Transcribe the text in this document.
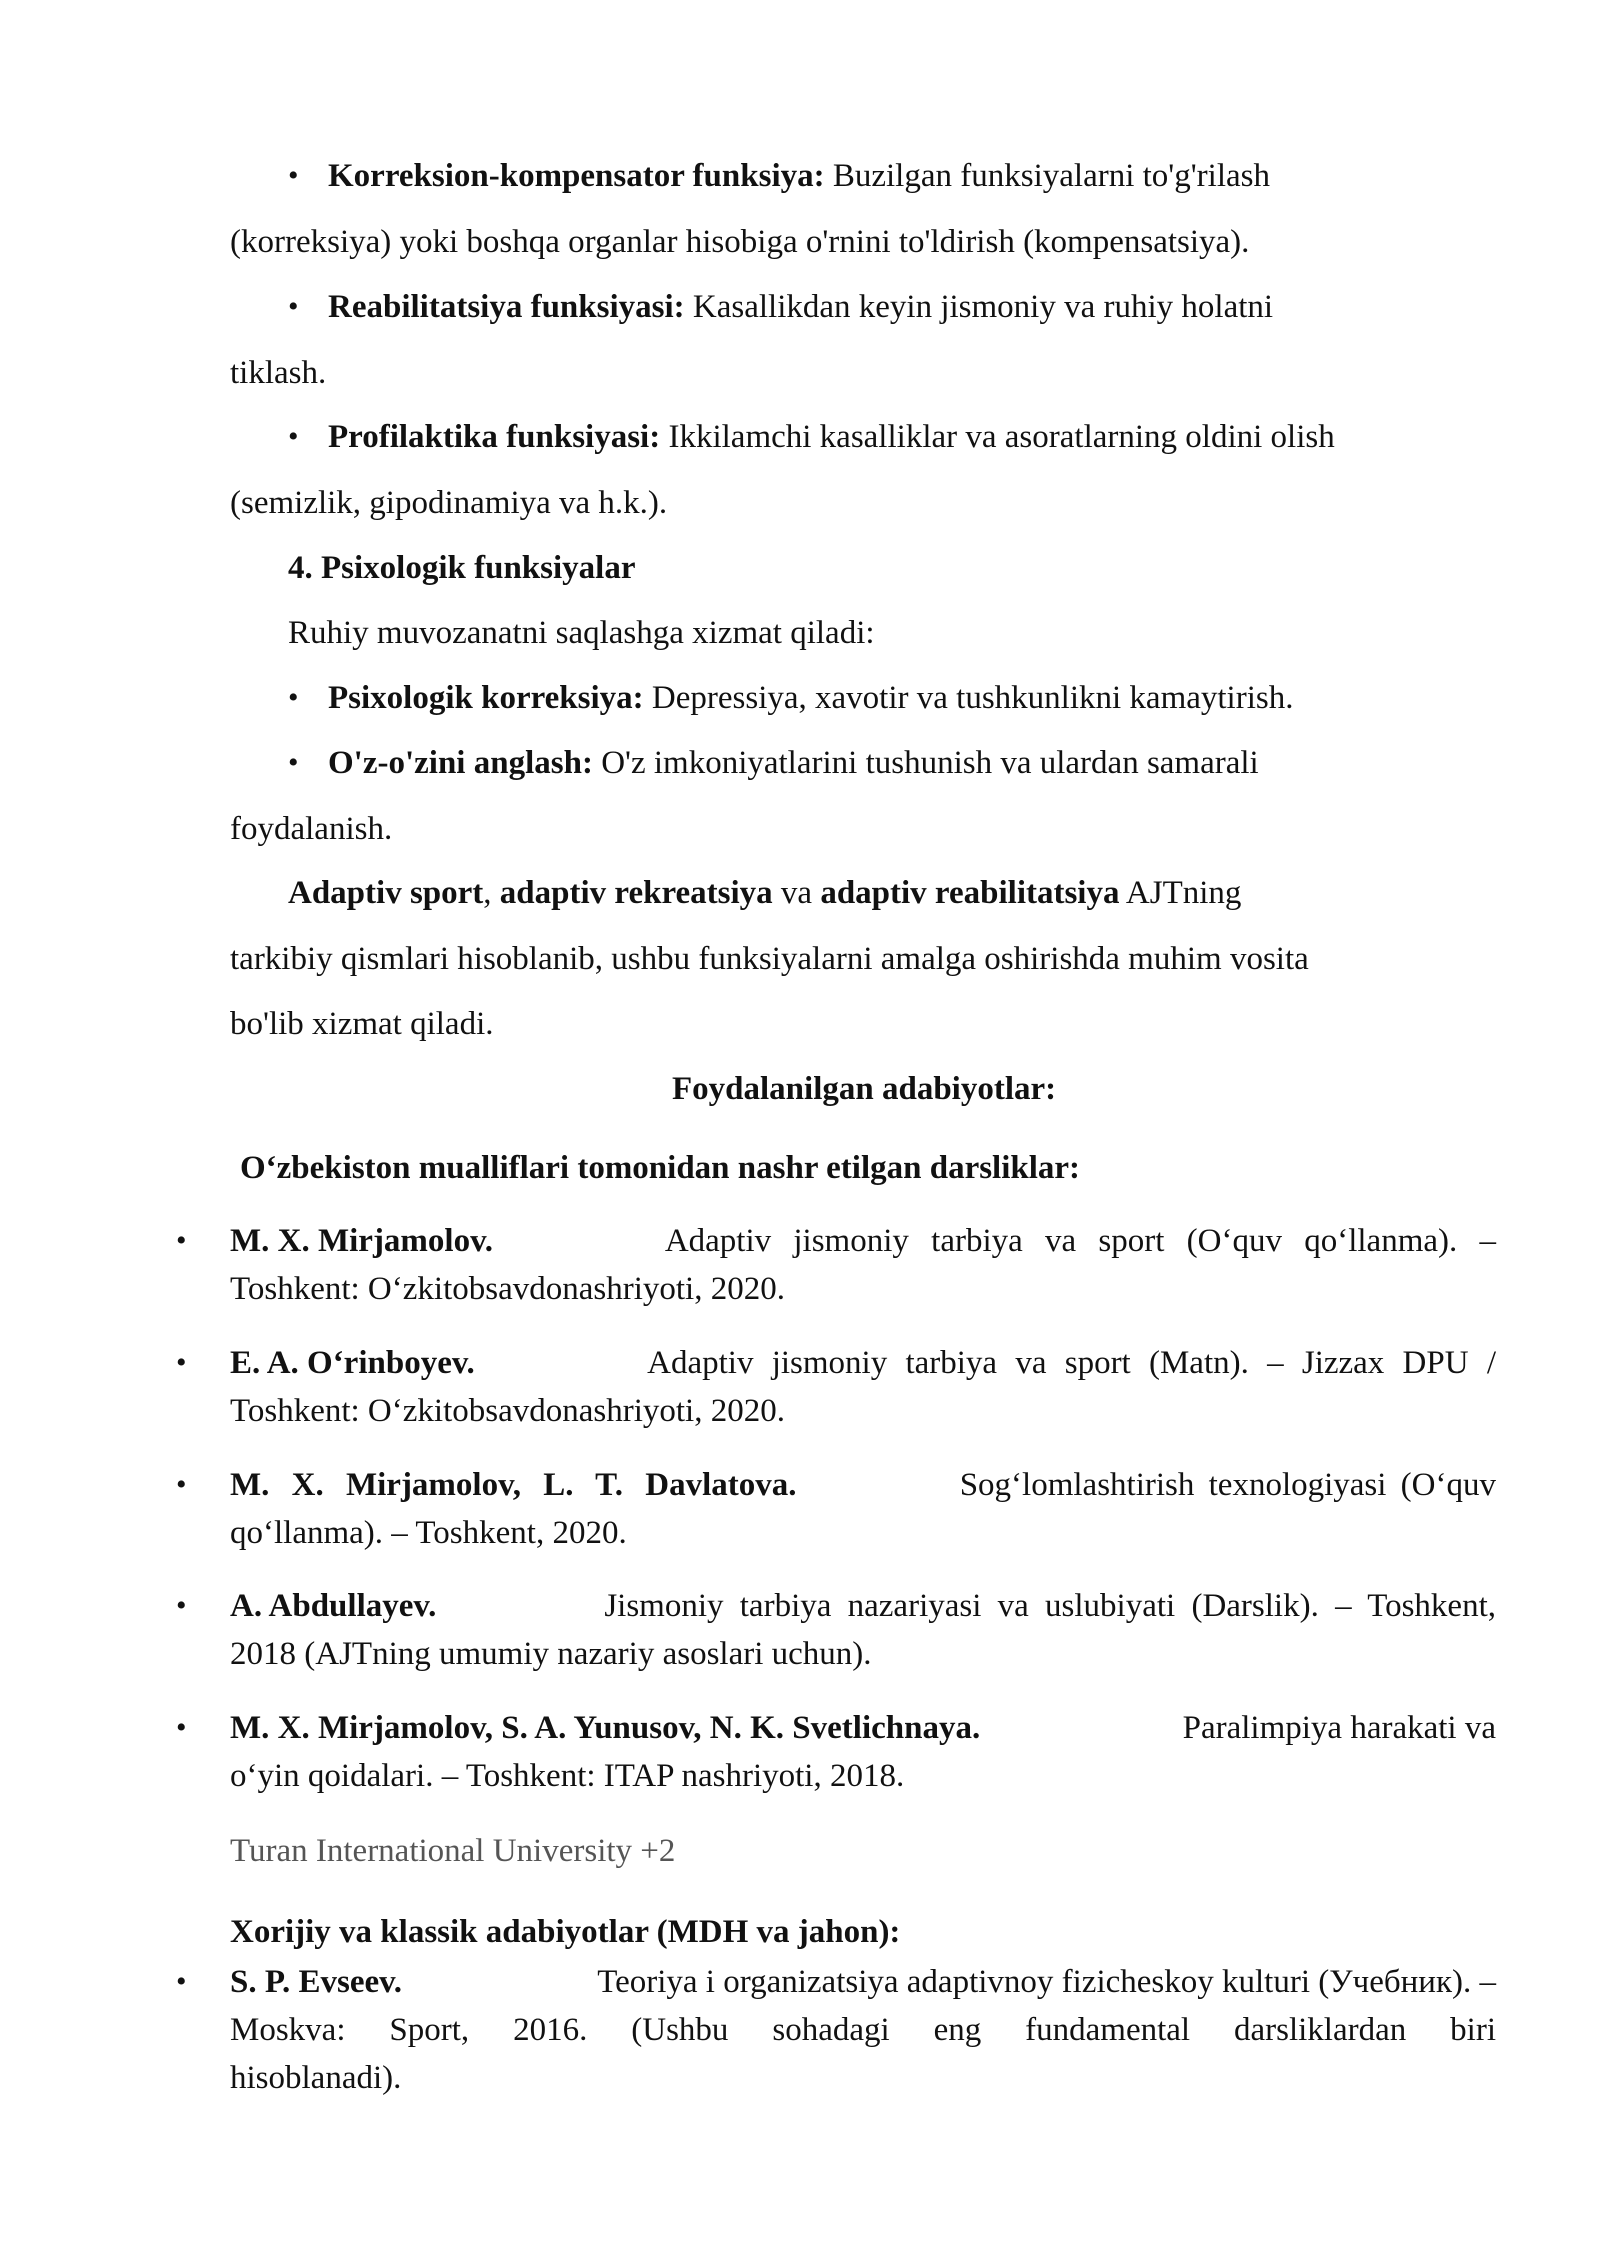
• Korreksion-kompensator funksiya: Buzilgan funksiyalarni to'g'rilash
(korreksiya) yoki boshqa organlar hisobiga o'rnini to'ldirish (kompensatsiya).
• Reabilitatsiya funksiyasi: Kasallikdan keyin jismoniy va ruhiy holatni
tiklash.
• Profilaktika funksiyasi: Ikkilamchi kasalliklar va asoratlarning oldini olish
(semizlik, gipodinamiya va h.k.).
4. Psixologik funksiyalar
Ruhiy muvozanatni saqlashga xizmat qiladi:
• Psixologik korreksiya: Depressiya, xavotir va tushkunlikni kamaytirish.
• O'z-o'zini anglash: O'z imkoniyatlarini tushunish va ulardan samarali
foydalanish.
Adaptiv sport, adaptiv rekreatsiya va adaptiv reabilitatsiya AJTning
tarkibiy qismlari hisoblanib, ushbu funksiyalarni amalga oshirishda muhim vosita
bo'lib xizmat qiladi.
Foydalanilgan adabiyotlar:
O‘zbekiston mualliflari tomonidan nashr etilgan darsliklar:
• M. X. Mirjamolov.	Adaptiv jismoniy tarbiya va sport (O‘quv qo‘llanma). –
Toshkent: O‘zkitobsavdonashriyoti, 2020.
• E. A. O‘rinboyev.	Adaptiv jismoniy tarbiya va sport (Matn). – Jizzax DPU /
Toshkent: O‘zkitobsavdonashriyoti, 2020.
• M. X. Mirjamolov, L. T. Davlatova.	Sog‘lomlashtirish texnologiyasi (O‘quv
qo‘llanma). – Toshkent, 2020.
• A. Abdullayev.	Jismoniy tarbiya nazariyasi va uslubiyati (Darslik). – Toshkent,
2018 (AJTning umumiy nazariy asoslari uchun).
• M. X. Mirjamolov, S. A. Yunusov, N. K. Svetlichnaya.	Paralimpiya harakati va
o‘yin qoidalari. – Toshkent: ITAP nashriyoti, 2018.
Turan International University +2
Xorijiy va klassik adabiyotlar (MDH va jahon):
• S. P. Evseev.	Teoriya i organizatsiya adaptivnoy fizicheskoy kulturi (Учебник). –
Moskva: Sport, 2016. (Ushbu sohadagi eng fundamental darsliklardan biri
hisoblanadi).
